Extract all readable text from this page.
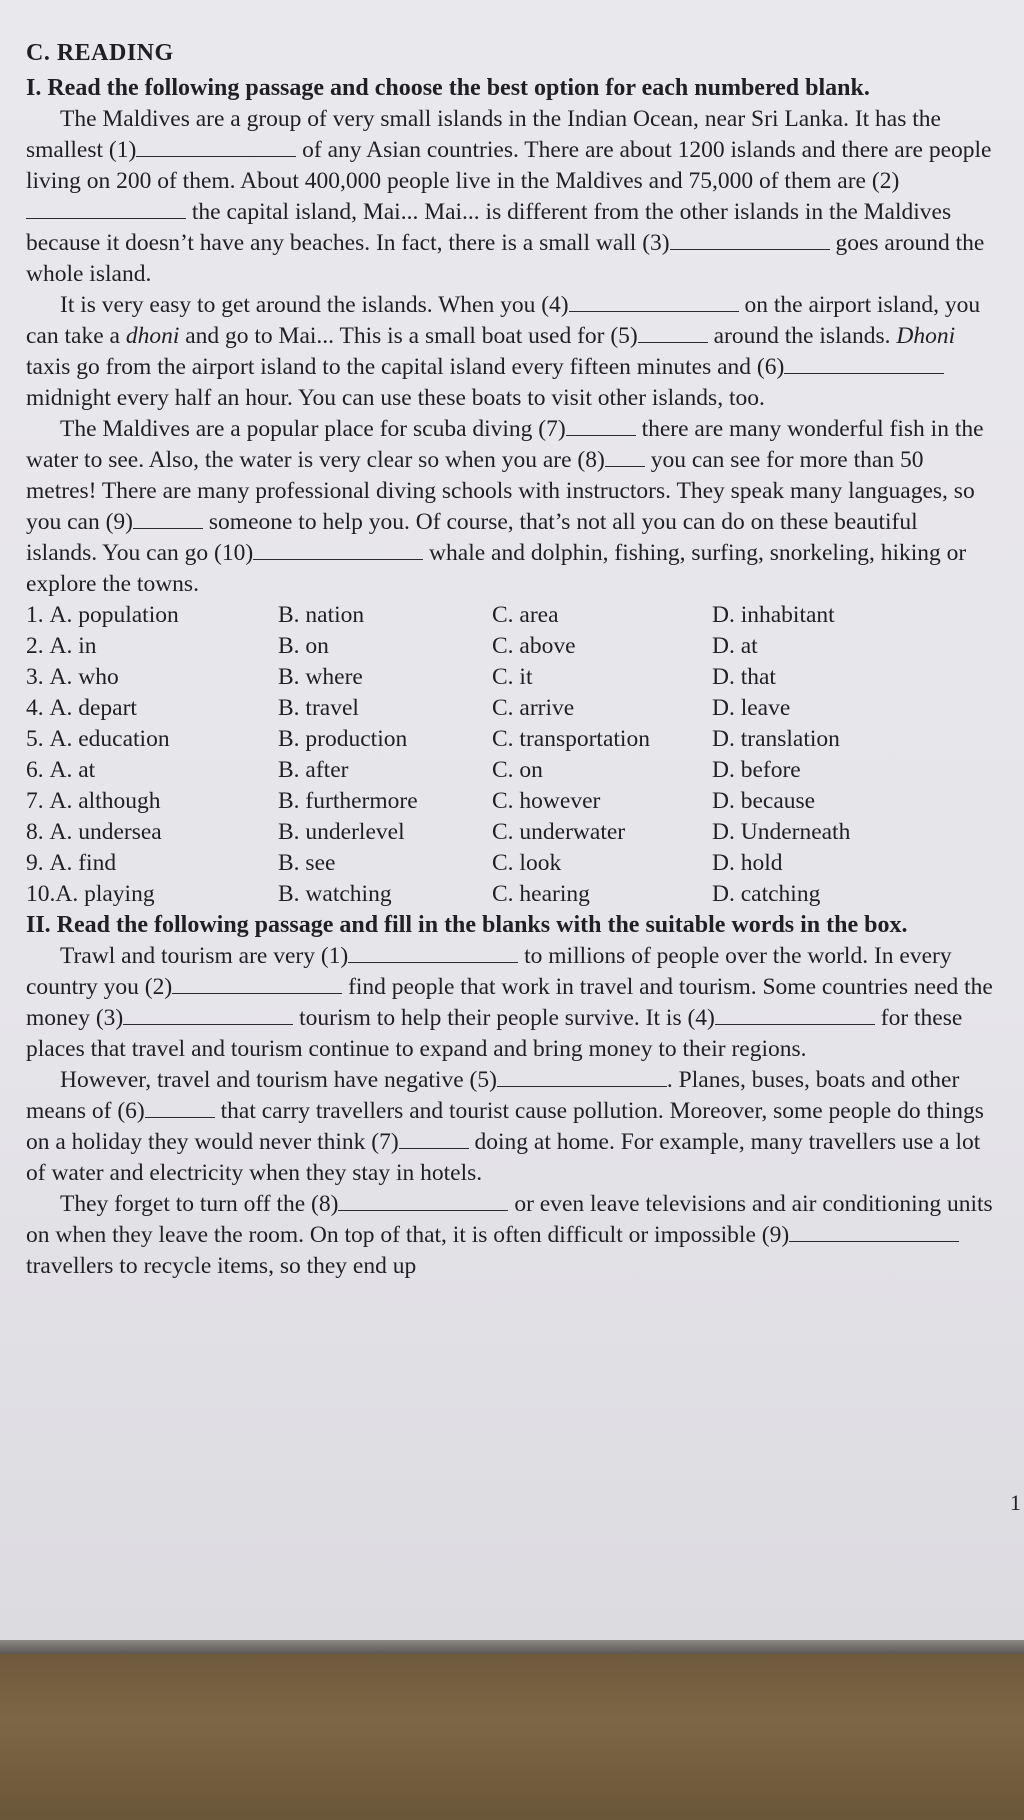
C. READING
I. Read the following passage and choose the best option for each numbered blank.

The Maldives are a group of very small islands in the Indian Ocean, near Sri Lanka. It has the smallest (1)	of any Asian countries. There are about 1200 islands and there are people living on 200 of them. About 400,000 people live in the Maldives and 75,000 of them are (2) the capital island, Mai... Mai... is different from the other islands in the Maldives because it doesn’t have any beaches. In fact, there is a small wall (3)	goes around the whole island.

It is very easy to get around the islands. When you (4)	on the airport island, you can take a dhoni and go to Mai... This is a small boat used for (5)	around the islands. Dhoni taxis go from the airport island to the capital island every fifteen minutes and (6) midnight every half an hour. You can use these boats to visit other islands, too.

The Maldives are a popular place for scuba diving (7)	there are many wonderful fish in the water to see. Also, the water is very clear so when you are (8) you can see for more than 50 metres! There are many professional diving schools with instructors. They speak many languages, so you can (9)	someone to help you. Of course, that’s not all you can do on these beautiful islands. You can go (10)	whale and dolphin, fishing, surfing, snorkeling, hiking or explore the towns.

1. A. population	B. nation	C. area	D. inhabitant
2. A. in	B. on	C. above	D. at
3. A. who	B. where	C. it	D. that
4. A. depart	B. travel	C. arrive	D. leave
5. A. education	B. production	C. transportation	D. translation
6. A. at	B. after	C. on	D. before
7. A. although	B. furthermore	C. however	D. because
8. A. undersea	B. underlevel	C. underwater	D. Underneath
9. A. find	B. see	C. look	D. hold
10.A. playing	B. watching	C. hearing	D. catching
II. Read the following passage and fill in the blanks with the suitable words in the box.

Trawl and tourism are very (1)	to millions of people over the world. In every country you (2)	find people that work in travel and tourism. Some countries need the money (3)	tourism to help their people survive. It is (4)	for these places that travel and tourism continue to expand and bring money to their regions.

However, travel and tourism have negative (5)	. Planes, buses, boats and other means of (6)	that carry travellers and tourist cause pollution. Moreover, some people do things on a holiday they would never think (7)	doing at home. For example, many travellers use a lot of water and electricity when they stay in hotels.

They forget to turn off the (8)	or even leave televisions and air conditioning units on when they leave the room. On top of that, it is often difficult or impossible (9) travellers to recycle items, so they end up

1
